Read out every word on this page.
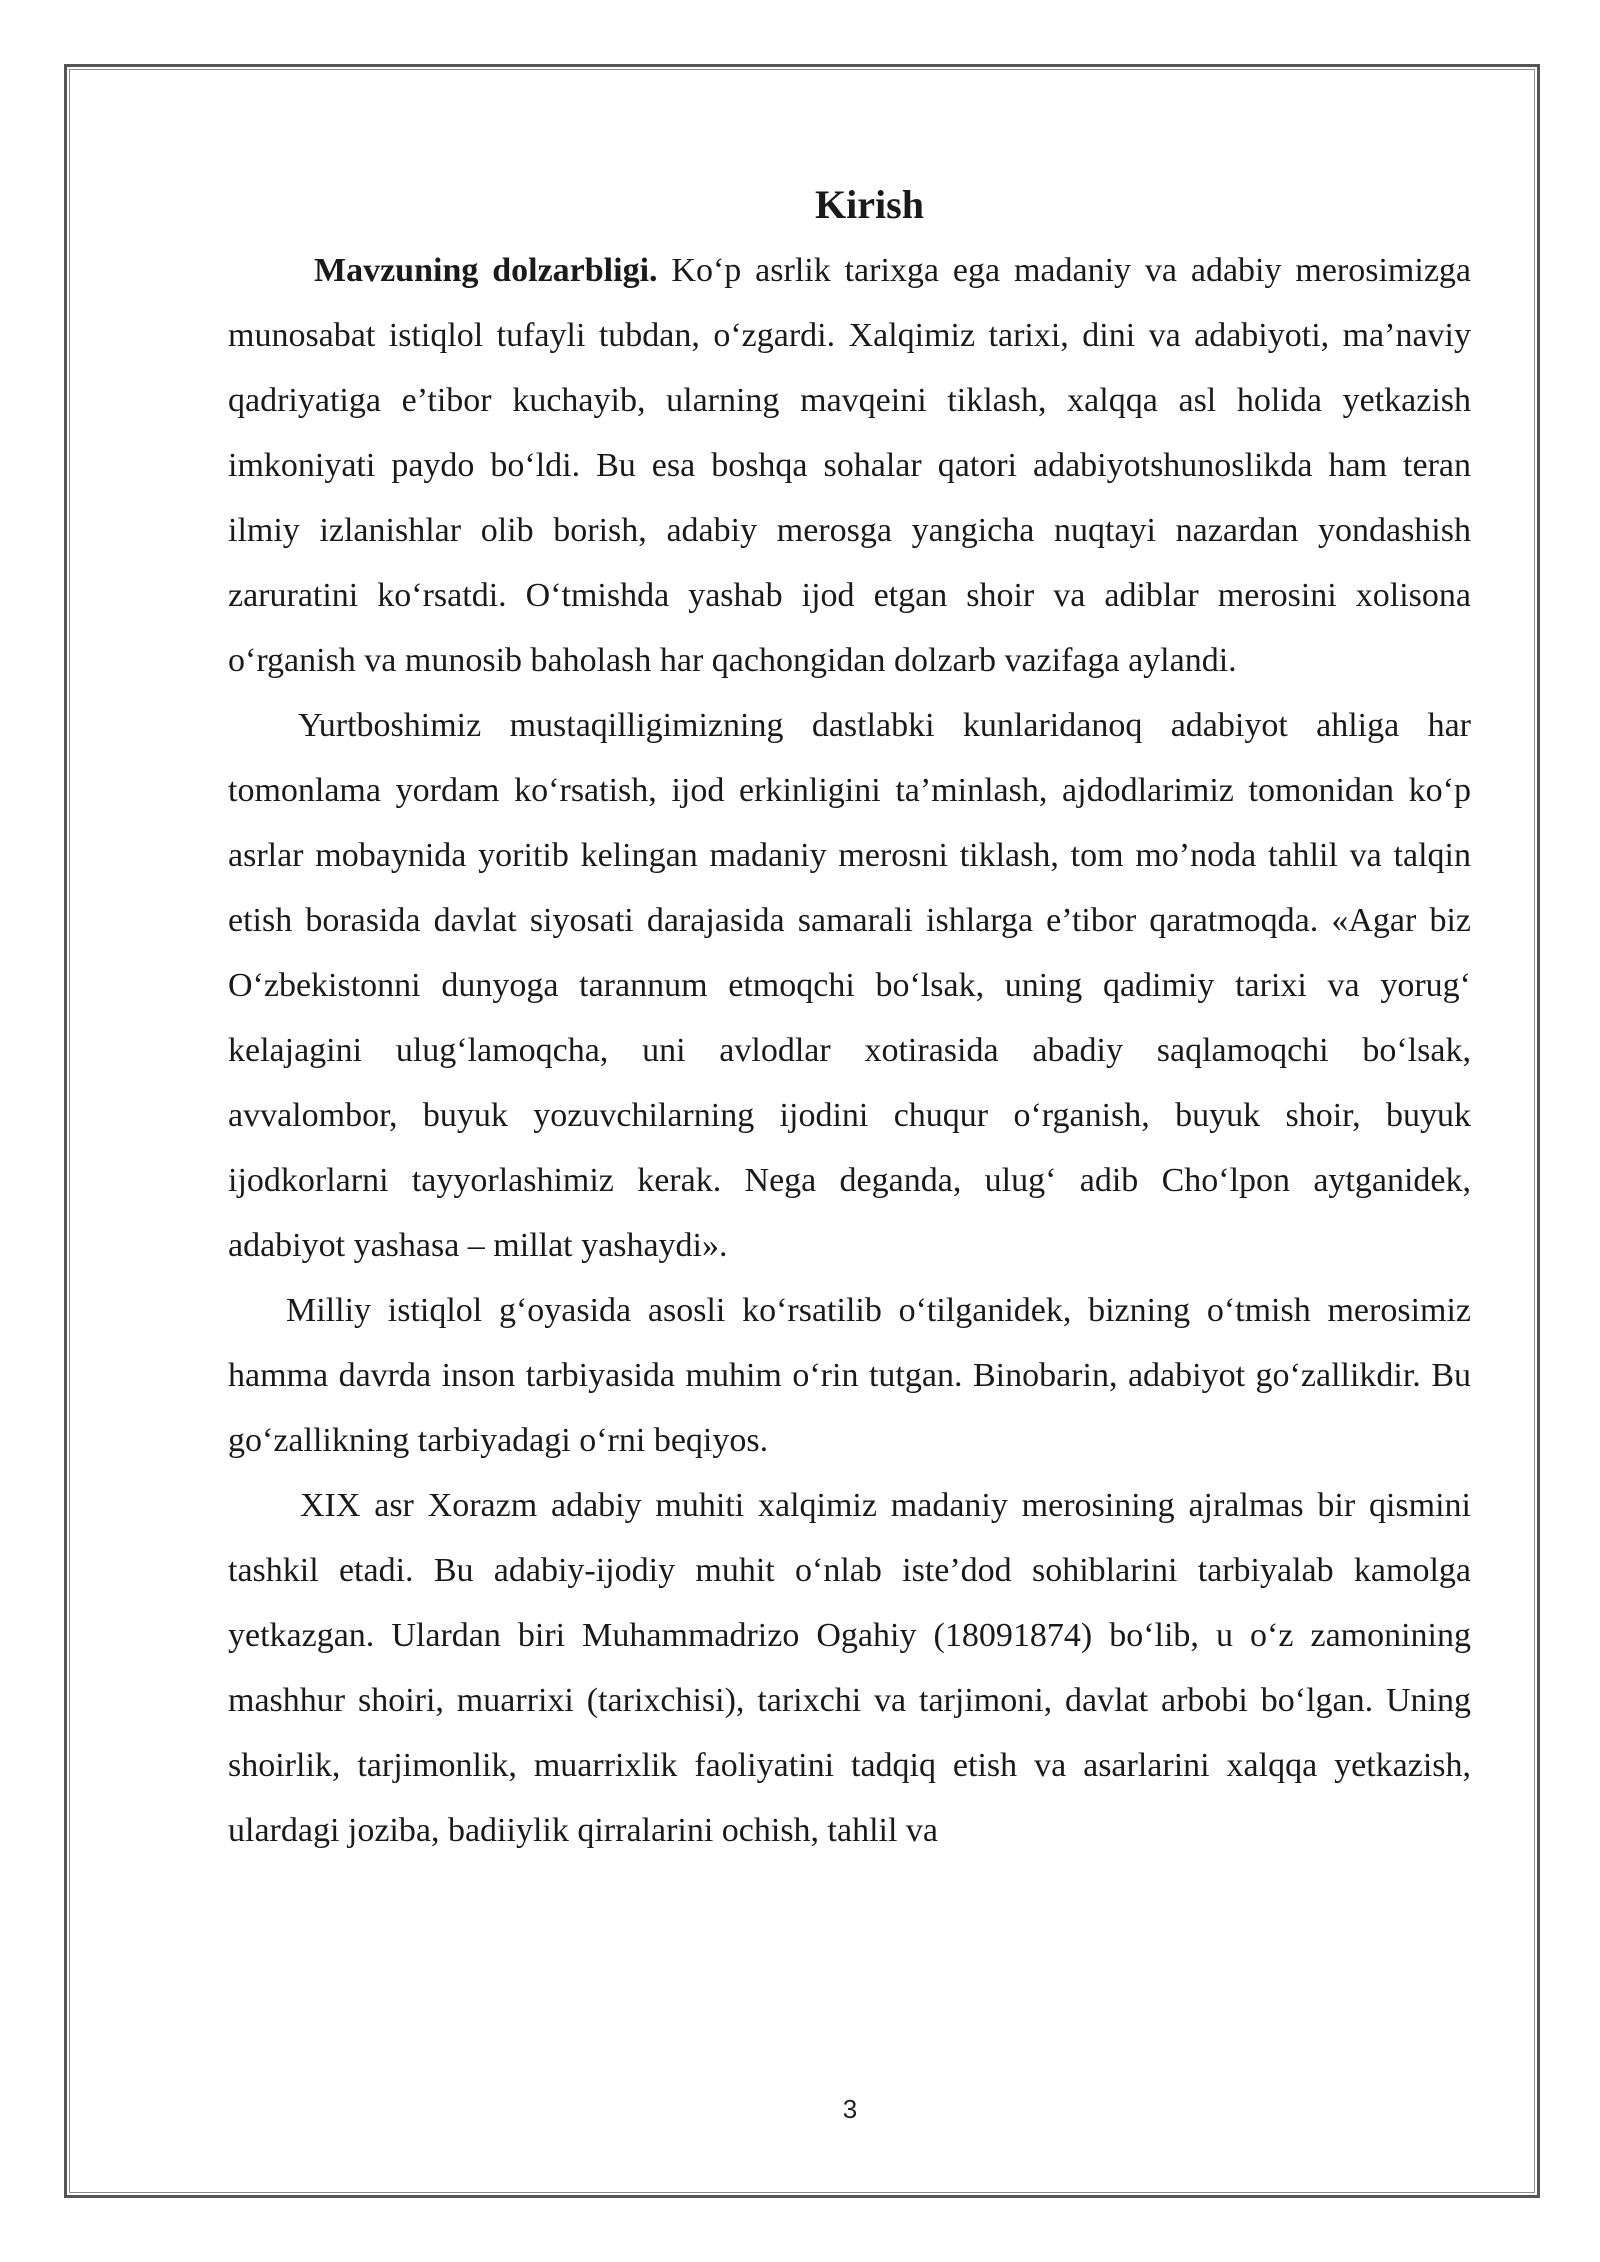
Kirish

Mavzuning dolzarbligi. Ko‘p asrlik tarixga ega madaniy va adabiy merosimizga munosabat istiqlol tufayli tubdan, o‘zgardi. Xalqimiz tarixi, dini va adabiyoti, ma’naviy qadriyatiga e’tibor kuchayib, ularning mavqeini tiklash, xalqqa asl holida yetkazish imkoniyati paydo bo‘ldi. Bu esa boshqa sohalar qatori adabiyotshunoslikda ham teran ilmiy izlanishlar olib borish, adabiy merosga yangicha nuqtayi nazardan yondashish zaruratini ko‘rsatdi. O‘tmishda yashab ijod etgan shoir va adiblar merosini xolisona o‘rganish va munosib baholash har qachongidan dolzarb vazifaga aylandi.

Yurtboshimiz mustaqilligimizning dastlabki kunlaridanoq adabiyot ahliga har tomonlama yordam ko‘rsatish, ijod erkinligini ta’minlash, ajdodlarimiz tomonidan ko‘p asrlar mobaynida yoritib kelingan madaniy merosni tiklash, tom mo’noda tahlil va talqin etish borasida davlat siyosati darajasida samarali ishlarga e’tibor qaratmoqda. «Agar biz O‘zbekistonni dunyoga tarannum etmoqchi bo‘lsak, uning qadimiy tarixi va yorug‘ kelajagini ulug‘lamoqcha, uni avlodlar xotirasida abadiy saqlamoqchi bo‘lsak, avvalombor, buyuk yozuvchilarning ijodini chuqur o‘rganish, buyuk shoir, buyuk ijodkorlarni tayyorlashimiz kerak. Nega deganda, ulug‘ adib Cho‘lpon aytganidek, adabiyot yashasa – millat yashaydi».

Milliy istiqlol g‘oyasida asosli ko‘rsatilib o‘tilganidek, bizning o‘tmish merosimiz hamma davrda inson tarbiyasida muhim o‘rin tutgan. Binobarin, adabiyot go‘zallikdir. Bu go‘zallikning tarbiyadagi o‘rni beqiyos.

XIX asr Xorazm adabiy muhiti xalqimiz madaniy merosining ajralmas bir qismini tashkil etadi. Bu adabiy-ijodiy muhit o‘nlab iste’dod sohiblarini tarbiyalab kamolga yetkazgan. Ulardan biri Muhammadrizo Ogahiy (18091874) bo‘lib, u o‘z zamonining mashhur shoiri, muarrixi (tarixchisi), tarixchi va tarjimoni, davlat arbobi bo‘lgan. Uning shoirlik, tarjimonlik, muarrixlik faoliyatini tadqiq etish va asarlarini xalqqa yetkazish, ulardagi joziba, badiiylik qirralarini ochish, tahlil va

3
